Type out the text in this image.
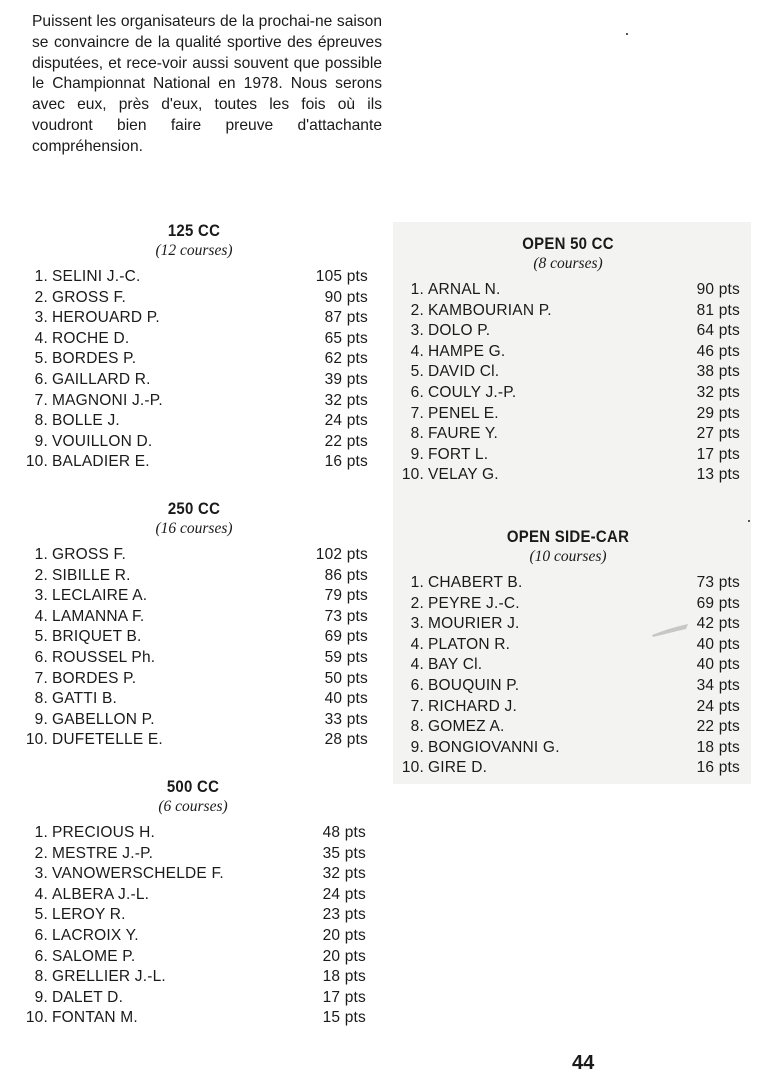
Puissent les organisateurs de la prochai-ne saison se convaincre de la qualité sportive des épreuves disputées, et rece-voir aussi souvent que possible le Championnat National en 1978. Nous serons avec eux, près d'eux, toutes les fois où ils voudront bien faire preuve d'attachante compréhension.
125 CC
(12 courses)
1. SELINI J.-C.	105 pts
2. GROSS F.	90 pts
3. HEROUARD P.	87 pts
4. ROCHE D.	65 pts
5. BORDES P.	62 pts
6. GAILLARD R.	39 pts
7. MAGNONI J.-P.	32 pts
8. BOLLE J.	24 pts
9. VOUILLON D.	22 pts
10. BALADIER E.	16 pts
250 CC
(16 courses)
1. GROSS F.	102 pts
2. SIBILLE R.	86 pts
3. LECLAIRE A.	79 pts
4. LAMANNA F.	73 pts
5. BRIQUET B.	69 pts
6. ROUSSEL Ph.	59 pts
7. BORDES P.	50 pts
8. GATTI B.	40 pts
9. GABELLON P.	33 pts
10. DUFETELLE E.	28 pts
500 CC
(6 courses)
1. PRECIOUS H.	48 pts
2. MESTRE J.-P.	35 pts
3. VANOWERSCHELDE F.	32 pts
4. ALBERA J.-L.	24 pts
5. LEROY R.	23 pts
6. LACROIX Y.	20 pts
6. SALOME P.	20 pts
8. GRELLIER J.-L.	18 pts
9. DALET D.	17 pts
10. FONTAN M.	15 pts
OPEN 50 CC
(8 courses)
1. ARNAL N.	90 pts
2. KAMBOURIAN P.	81 pts
3. DOLO P.	64 pts
4. HAMPE G.	46 pts
5. DAVID Cl.	38 pts
6. COULY J.-P.	32 pts
7. PENEL E.	29 pts
8. FAURE Y.	27 pts
9. FORT L.	17 pts
10. VELAY G.	13 pts
OPEN SIDE-CAR
(10 courses)
1. CHABERT B.	73 pts
2. PEYRE J.-C.	69 pts
3. MOURIER J.	42 pts
4. PLATON R.	40 pts
4. BAY Cl.	40 pts
6. BOUQUIN P.	34 pts
7. RICHARD J.	24 pts
8. GOMEZ A.	22 pts
9. BONGIOVANNI G.	18 pts
10. GIRE D.	16 pts
44
